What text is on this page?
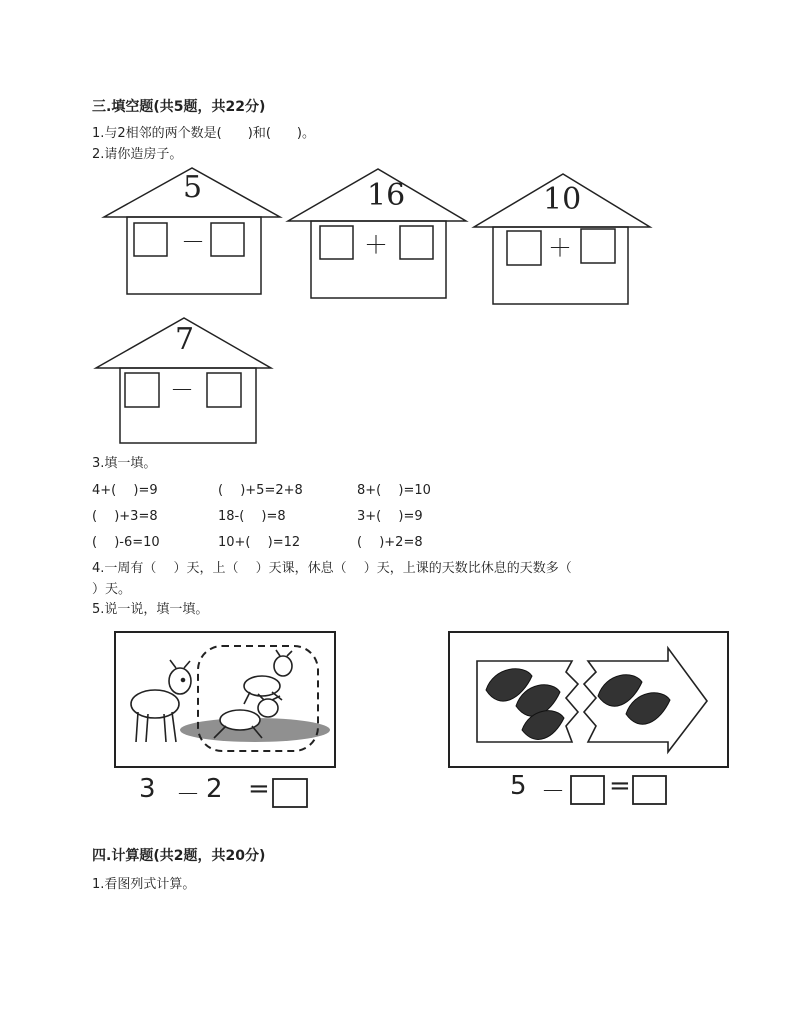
三.填空题(共5题，共22分)
1.与2相邻的两个数是(　　)和(　　)。
2.请你造房子。
5
－
16
＋
10
＋
7
－
3.填一填。
4+(　 )=9	(　 )+5=2+8	8+(　 )=10
(　 )+3=8	18-(　 )=8	3+(　 )=9
(　 )-6=10	10+(　 )=12	(　 )+2=8
4.一周有（　 ）天，上（　 ）天课，休息（　 ）天，上课的天数比休息的天数多（
）天。
5.说一说，填一填。
3 － 2 =	5 － =
四.计算题(共2题，共20分)
1.看图列式计算。
